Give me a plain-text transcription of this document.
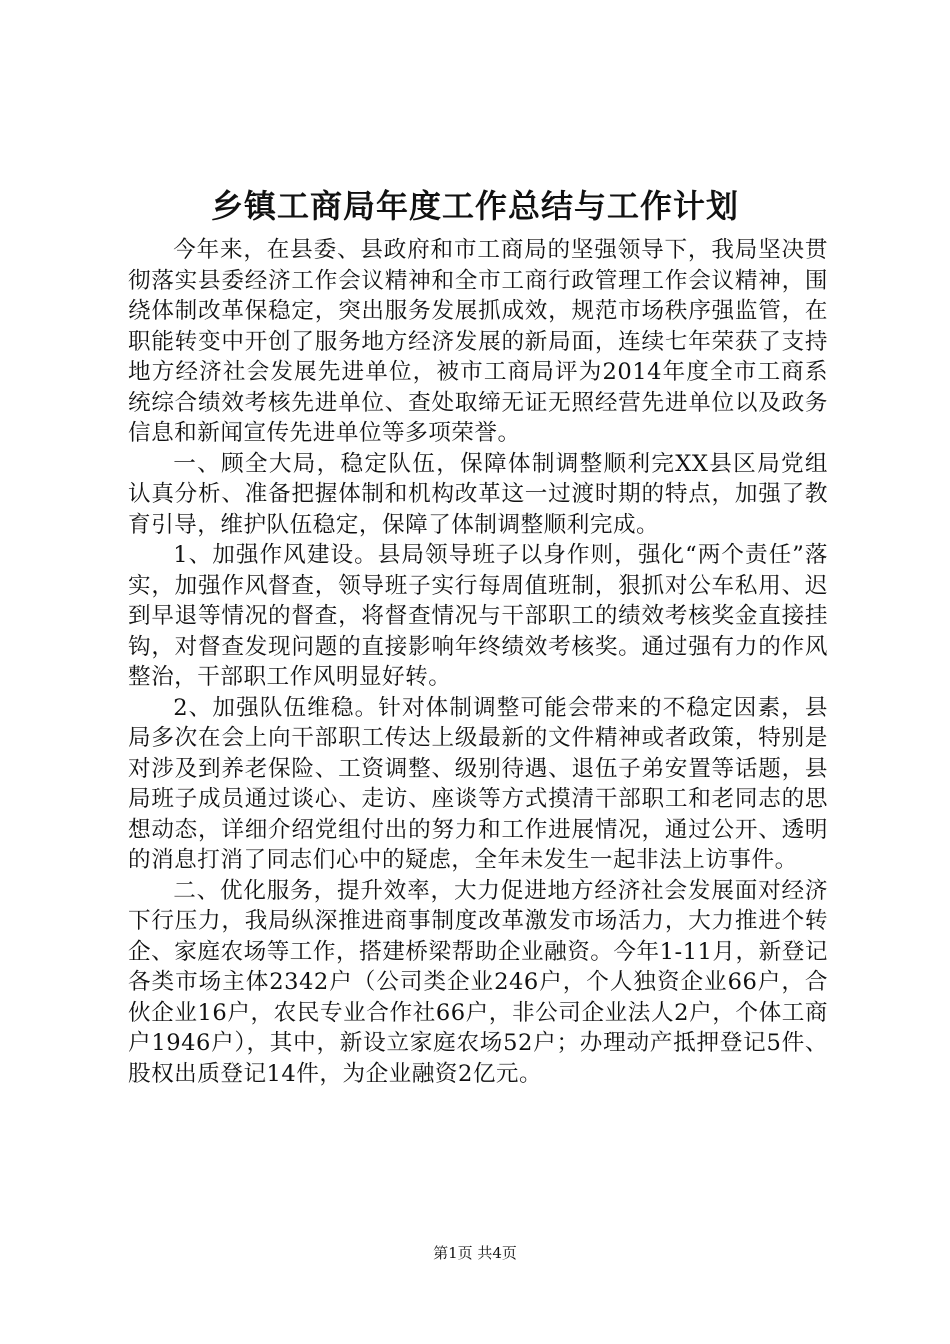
乡镇工商局年度工作总结与工作计划

今年来，在县委、县政府和市工商局的坚强领导下，我局坚决贯彻落实县委经济工作会议精神和全市工商行政管理工作会议精神，围绕体制改革保稳定，突出服务发展抓成效，规范市场秩序强监管，在职能转变中开创了服务地方经济发展的新局面，连续七年荣获了支持地方经济社会发展先进单位，被市工商局评为2014年度全市工商系统综合绩效考核先进单位、查处取缔无证无照经营先进单位以及政务信息和新闻宣传先进单位等多项荣誉。

一、顾全大局，稳定队伍，保障体制调整顺利完XX县区局党组认真分析、准备把握体制和机构改革这一过渡时期的特点，加强了教育引导，维护队伍稳定，保障了体制调整顺利完成。

1、加强作风建设。县局领导班子以身作则，强化“两个责任”落实，加强作风督查，领导班子实行每周值班制，狠抓对公车私用、迟到早退等情况的督查，将督查情况与干部职工的绩效考核奖金直接挂钩，对督查发现问题的直接影响年终绩效考核奖。通过强有力的作风整治，干部职工作风明显好转。

2、加强队伍维稳。针对体制调整可能会带来的不稳定因素，县局多次在会上向干部职工传达上级最新的文件精神或者政策，特别是对涉及到养老保险、工资调整、级别待遇、退伍子弟安置等话题，县局班子成员通过谈心、走访、座谈等方式摸清干部职工和老同志的思想动态，详细介绍党组付出的努力和工作进展情况，通过公开、透明的消息打消了同志们心中的疑虑，全年未发生一起非法上访事件。

二、优化服务，提升效率，大力促进地方经济社会发展面对经济下行压力，我局纵深推进商事制度改革激发市场活力，大力推进个转企、家庭农场等工作，搭建桥梁帮助企业融资。今年1-11月，新登记各类市场主体2342户（公司类企业246户，个人独资企业66户，合伙企业16户，农民专业合作社66户，非公司企业法人2户，个体工商户1946户），其中，新设立家庭农场52户；办理动产抵押登记5件、股权出质登记14件，为企业融资2亿元。

第1页 共4页
